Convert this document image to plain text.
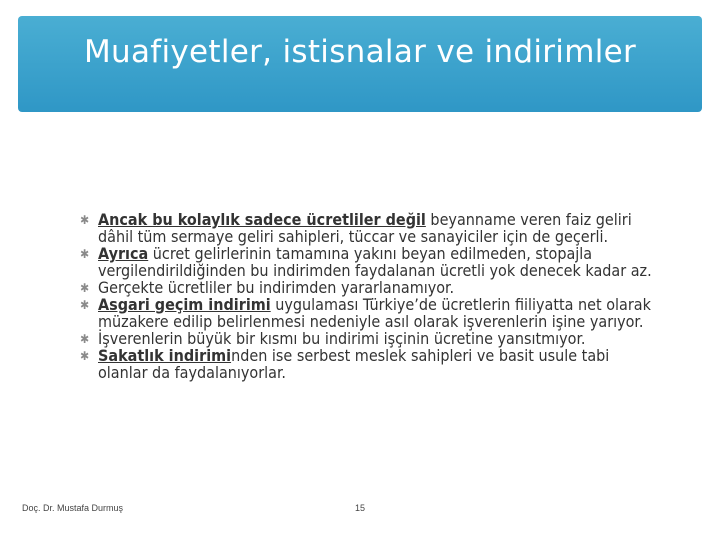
Muafiyetler, istisnalar ve indirimler
✱ Ancak bu kolaylık sadece ücretliler değil beyanname veren faiz geliri dâhil tüm sermaye geliri sahipleri, tüccar ve sanayiciler için de geçerli.
✱ Ayrıca ücret gelirlerinin tamamına yakını beyan edilmeden, stopajla vergilendirildiğinden bu indirimden faydalanan ücretli yok denecek kadar az.
✱ Gerçekte ücretliler bu indirimden yararlanamıyor.
✱ Asgari geçim indirimi uygulaması Türkiye’de ücretlerin fiiliyatta net olarak müzakere edilip belirlenmesi nedeniyle asıl olarak işverenlerin işine yarıyor.
✱ İşverenlerin büyük bir kısmı bu indirimi işçinin ücretine yansıtmıyor.
✱ Sakatlık indiriminden ise serbest meslek sahipleri ve basit usule tabi olanlar da faydalanıyorlar.
Doç. Dr. Mustafa Durmuş	15
